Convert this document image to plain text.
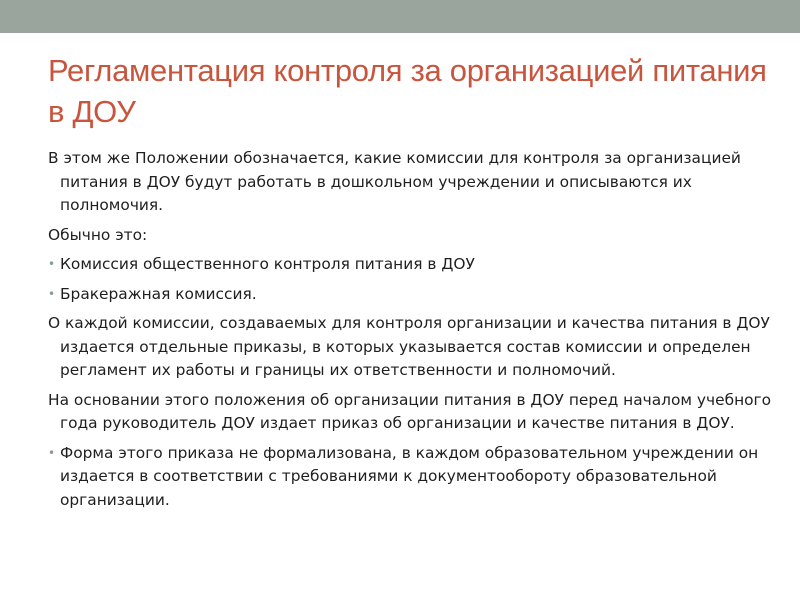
Регламентация контроля за организацией питания в ДОУ

В этом же Положении обозначается, какие комиссии для контроля за организацией питания в ДОУ будут работать в дошкольном учреждении и описываются их полномочия.

Обычно это:

• Комиссия общественного контроля питания в ДОУ

• Бракеражная комиссия.

О каждой комиссии, создаваемых для контроля организации и качества питания в ДОУ издается отдельные приказы, в которых указывается состав комиссии и определен регламент их работы и границы их ответственности и полномочий.

На основании этого положения об организации питания в ДОУ перед началом учебного года руководитель ДОУ издает приказ об организации и качестве питания в ДОУ.

• Форма этого приказа не формализована, в каждом образовательном учреждении он издается в соответствии с требованиями к документообороту образовательной организации.
